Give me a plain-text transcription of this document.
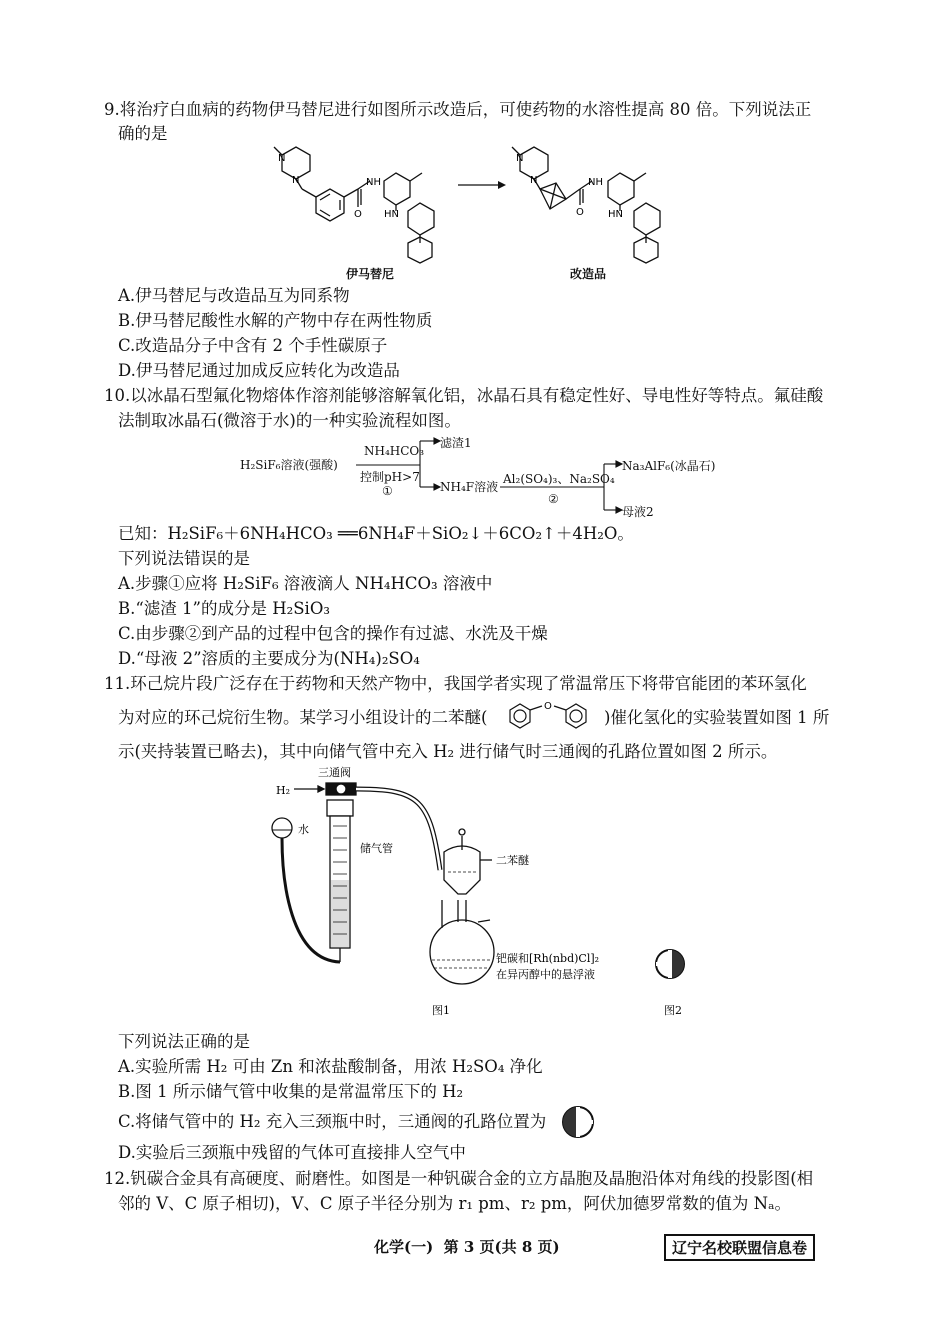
9.将治疗白血病的药物伊马替尼进行如图所示改造后，可使药物的水溶性提高 80 倍。下列说法正
确的是
N
N	NH
O HN
N
N	NH
O HN
伊马替尼	改造品
A.伊马替尼与改造品互为同系物
B.伊马替尼酸性水解的产物中存在两性物质
C.改造品分子中含有 2 个手性碳原子
D.伊马替尼通过加成反应转化为改造品
10.以冰晶石型氟化物熔体作溶剂能够溶解氧化铝，冰晶石具有稳定性好、导电性好等特点。氟硅酸
法制取冰晶石(微溶于水)的一种实验流程如图。
H₂SiF₆溶液(强酸)
NH₄HCO₃
控制pH>7
①
滤渣1
NH₄F溶液
Al₂(SO₄)₃、Na₂SO₄
②
Na₃AlF₆(冰晶石)
母液2
已知：H₂SiF₆＋6NH₄HCO₃ ══6NH₄F＋SiO₂↓＋6CO₂↑＋4H₂O。
下列说法错误的是
A.步骤①应将 H₂SiF₆ 溶液滴人 NH₄HCO₃ 溶液中
B.“滤渣 1”的成分是 H₂SiO₃
C.由步骤②到产品的过程中包含的操作有过滤、水洗及干燥
D.“母液 2”溶质的主要成分为(NH₄)₂SO₄
11.环己烷片段广泛存在于药物和天然产物中，我国学者实现了常温常压下将带官能团的苯环氢化
为对应的环己烷衍生物。某学习小组设计的二苯醚(
O
)催化氢化的实验装置如图 1 所
示(夹持装置已略去)，其中向储气管中充入 H₂ 进行储气时三通阀的孔路位置如图 2 所示。
H₂
三通阀
水
储气管
二苯醚
钯碳和[Rh(nbd)Cl]₂
在异丙醇中的悬浮液
图1	图2
下列说法正确的是
A.实验所需 H₂ 可由 Zn 和浓盐酸制备，用浓 H₂SO₄ 净化
B.图 1 所示储气管中收集的是常温常压下的 H₂
C.将储气管中的 H₂ 充入三颈瓶中时，三通阀的孔路位置为
D.实验后三颈瓶中残留的气体可直接排人空气中
12.钒碳合金具有高硬度、耐磨性。如图是一种钒碳合金的立方晶胞及晶胞沿体对角线的投影图(相
邻的 V、C 原子相切)，V、C 原子半径分别为 r₁ pm、r₂ pm，阿伏加德罗常数的值为 Nₐ。
化学(一)  第 3 页(共 8 页)	辽宁名校联盟信息卷
